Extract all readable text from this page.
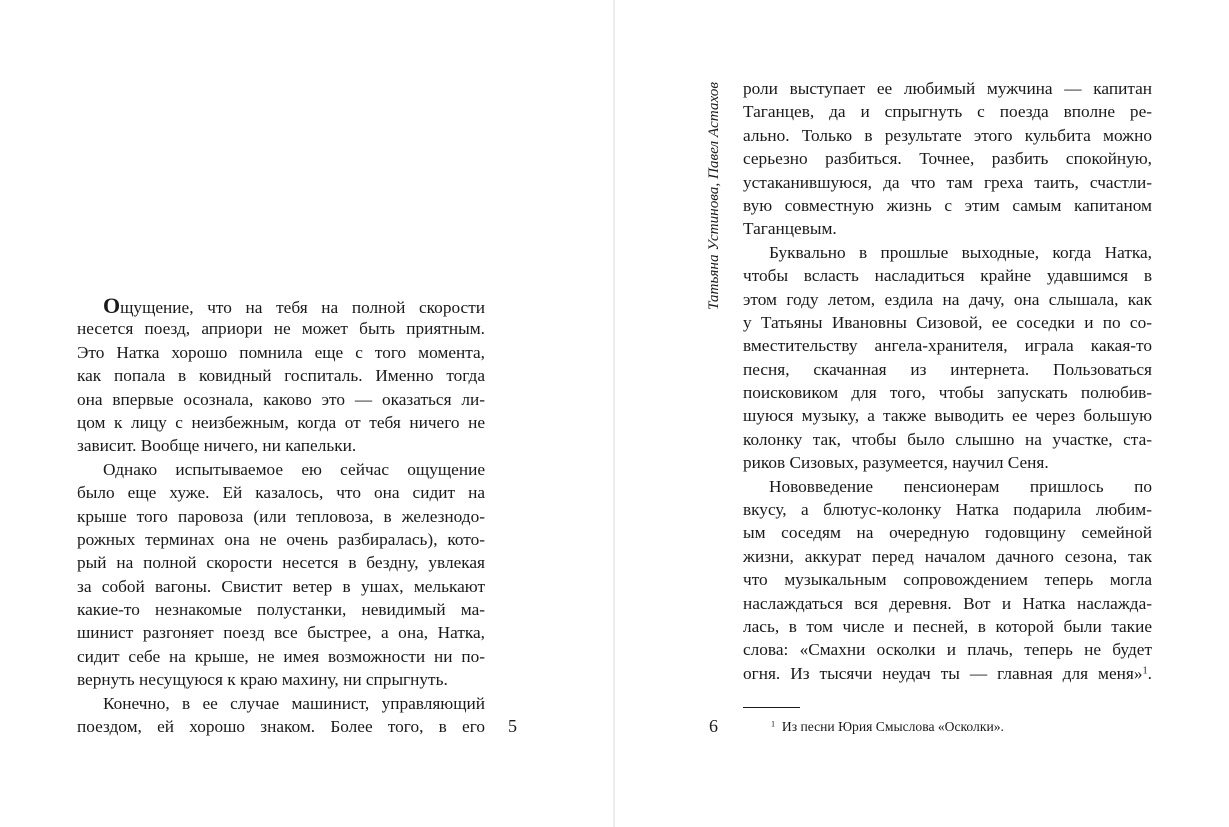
Ощущение, что на тебя на полной скорости
несется поезд, априори не может быть приятным.
Это Натка хорошо помнила еще с того момента,
как попала в ковидный госпиталь. Именно тогда
она впервые осознала, каково это — оказаться ли-
цом к лицу с неизбежным, когда от тебя ничего не
зависит. Вообще ничего, ни капельки.
Однако испытываемое ею сейчас ощущение
было еще хуже. Ей казалось, что она сидит на
крыше того паровоза (или тепловоза, в железнодо-
рожных терминах она не очень разбиралась), кото-
рый на полной скорости несется в бездну, увлекая
за собой вагоны. Свистит ветер в ушах, мелькают
какие-то незнакомые полустанки, невидимый ма-
шинист разгоняет поезд все быстрее, а она, Натка,
сидит себе на крыше, не имея возможности ни по-
вернуть несущуюся к краю махину, ни спрыгнуть.
Конечно, в ее случае машинист, управляющий
поездом, ей хорошо знаком. Более того, в его 5
Татьяна Устинова, Павел Астахов роли выступает ее любимый мужчина — капитан
Таганцев, да и спрыгнуть с поезда вполне ре-
ально. Только в результате этого кульбита можно
серьезно разбиться. Точнее, разбить спокойную,
устаканившуюся, да что там греха таить, счастли-
вую совместную жизнь с этим самым капитаном
Таганцевым.
Буквально в прошлые выходные, когда Натка,
чтобы всласть насладиться крайне удавшимся в
этом году летом, ездила на дачу, она слышала, как
у Татьяны Ивановны Сизовой, ее соседки и по со-
вместительству ангела-хранителя, играла какая-то
песня, скачанная из интернета. Пользоваться
поисковиком для того, чтобы запускать полюбив-
шуюся музыку, а также выводить ее через большую
колонку так, чтобы было слышно на участке, ста-
риков Сизовых, разумеется, научил Сеня.
Нововведение пенсионерам пришлось по
вкусу, а блютус-колонку Натка подарила любим-
ым соседям на очередную годовщину семейной
жизни, аккурат перед началом дачного сезона, так
что музыкальным сопровождением теперь могла
наслаждаться вся деревня. Вот и Натка наслажда-
лась, в том числе и песней, в которой были такие
слова: «Смахни осколки и плачь, теперь не будет
огня. Из тысячи неудач ты — главная для меня»$^1$.
$^1$ Из песни Юрия Смыслова «Осколки».
6
